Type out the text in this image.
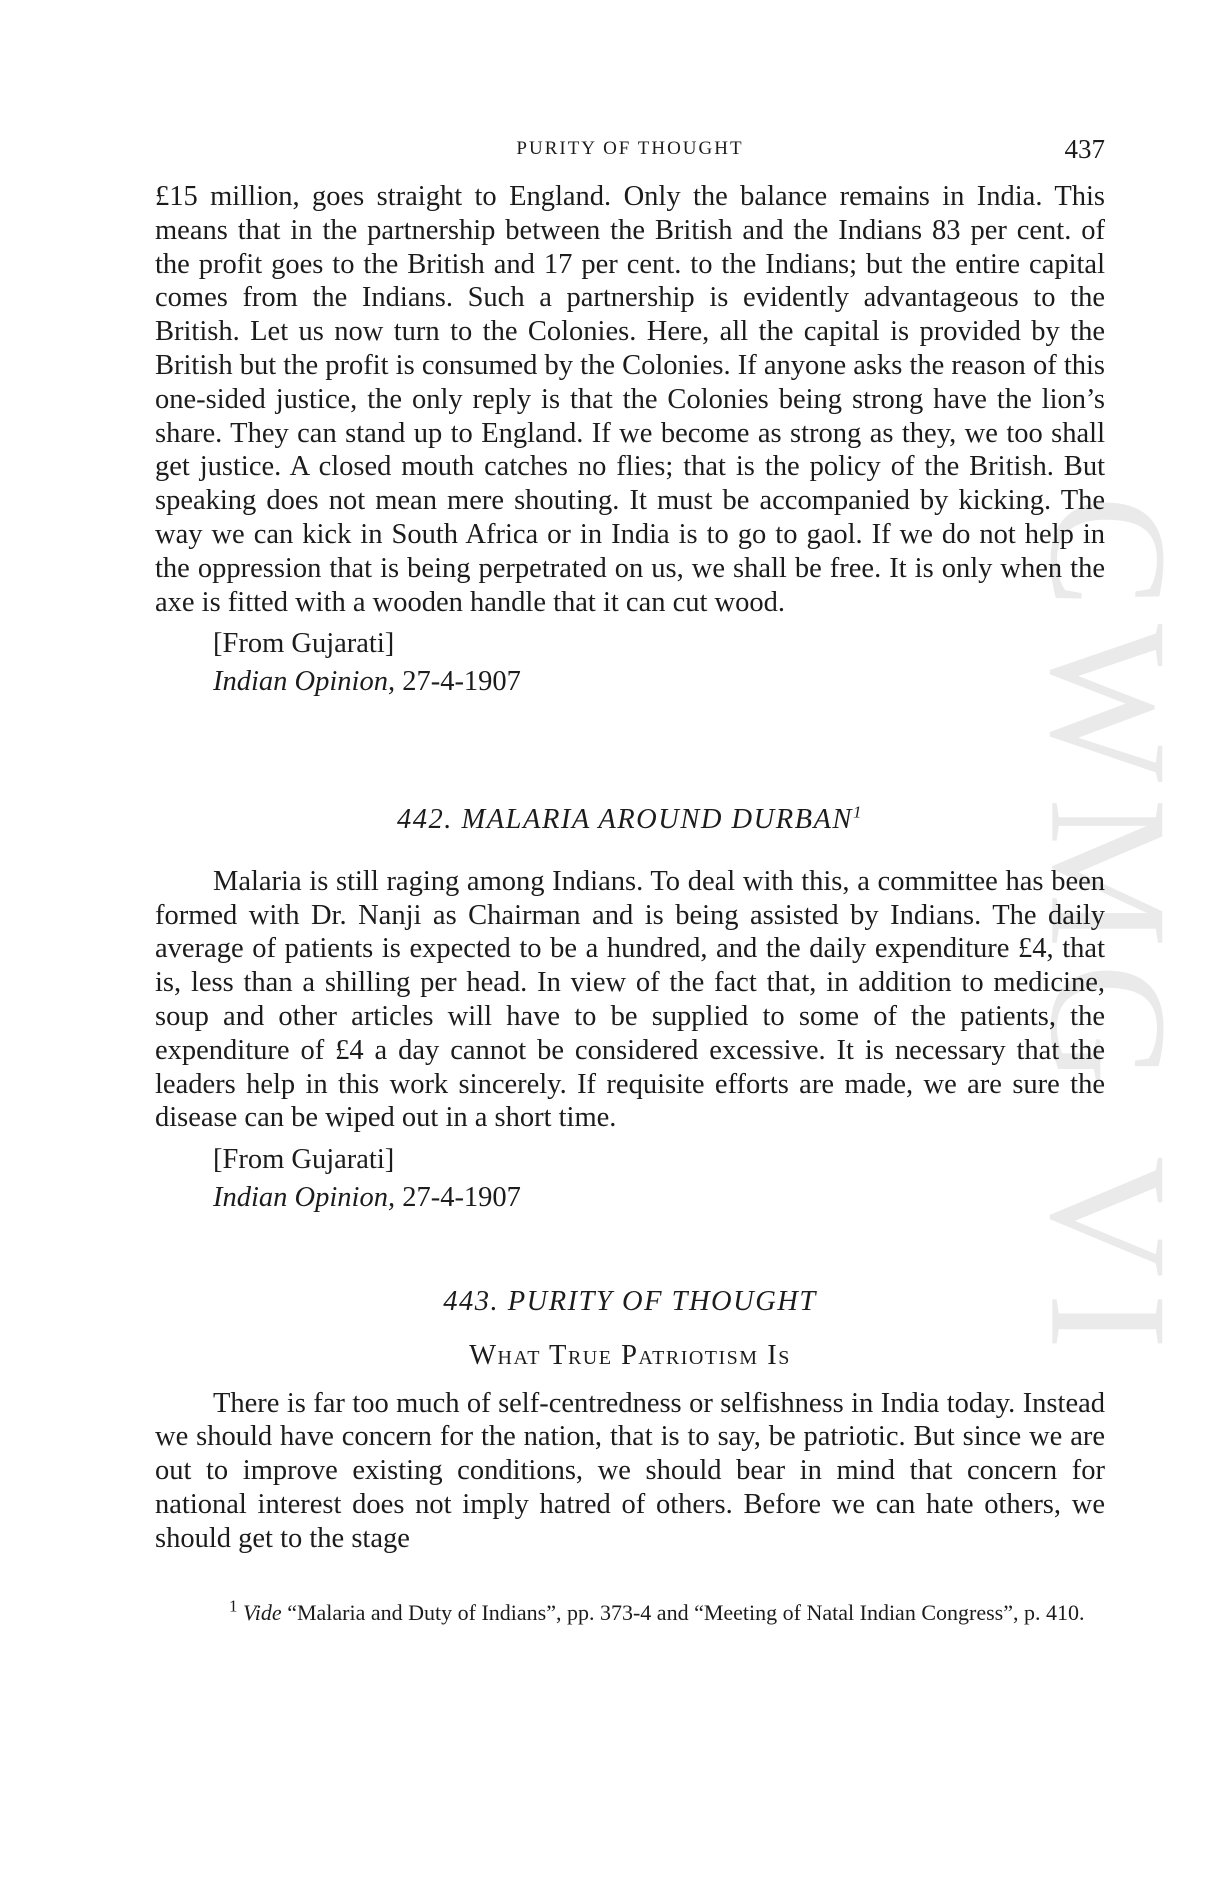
PURITY OF THOUGHT	437

£15 million, goes straight to England. Only the balance remains in India. This means that in the partnership between the British and the Indians 83 per cent. of the profit goes to the British and 17 per cent. to the Indians; but the entire capital comes from the Indians. Such a partnership is evidently advantageous to the British. Let us now turn to the Colonies. Here, all the capital is provided by the British but the profit is consumed by the Colonies. If anyone asks the reason of this one-sided justice, the only reply is that the Colonies being strong have the lion’s share. They can stand up to England. If we become as strong as they, we too shall get justice. A closed mouth catches no flies; that is the policy of the British. But speaking does not mean mere shouting. It must be accompanied by kicking. The way we can kick in South Africa or in India is to go to gaol. If we do not help in the oppression that is being perpetrated on us, we shall be free. It is only when the axe is fitted with a wooden handle that it can cut wood.

[From Gujarati]
Indian Opinion, 27-4-1907
442. MALARIA AROUND DURBAN$^1$

Malaria is still raging among Indians. To deal with this, a committee has been formed with Dr. Nanji as Chairman and is being assisted by Indians. The daily average of patients is expected to be a hundred, and the daily expenditure £4, that is, less than a shilling per head. In view of the fact that, in addition to medicine, soup and other articles will have to be supplied to some of the patients, the expenditure of £4 a day cannot be considered excessive. It is necessary that the leaders help in this work sincerely. If requisite efforts are made, we are sure the disease can be wiped out in a short time.

[From Gujarati]
Indian Opinion, 27-4-1907
443. PURITY OF THOUGHT
What True Patriotism Is

There is far too much of self-centredness or selfishness in India today. Instead we should have concern for the nation, that is to say, be patriotic. But since we are out to improve existing conditions, we should bear in mind that concern for national interest does not imply hatred of others. Before we can hate others, we should get to the stage

$^1$ Vide “Malaria and Duty of Indians”, pp. 373-4 and “Meeting of Natal Indian Congress”, p. 410.

CWMG VI
